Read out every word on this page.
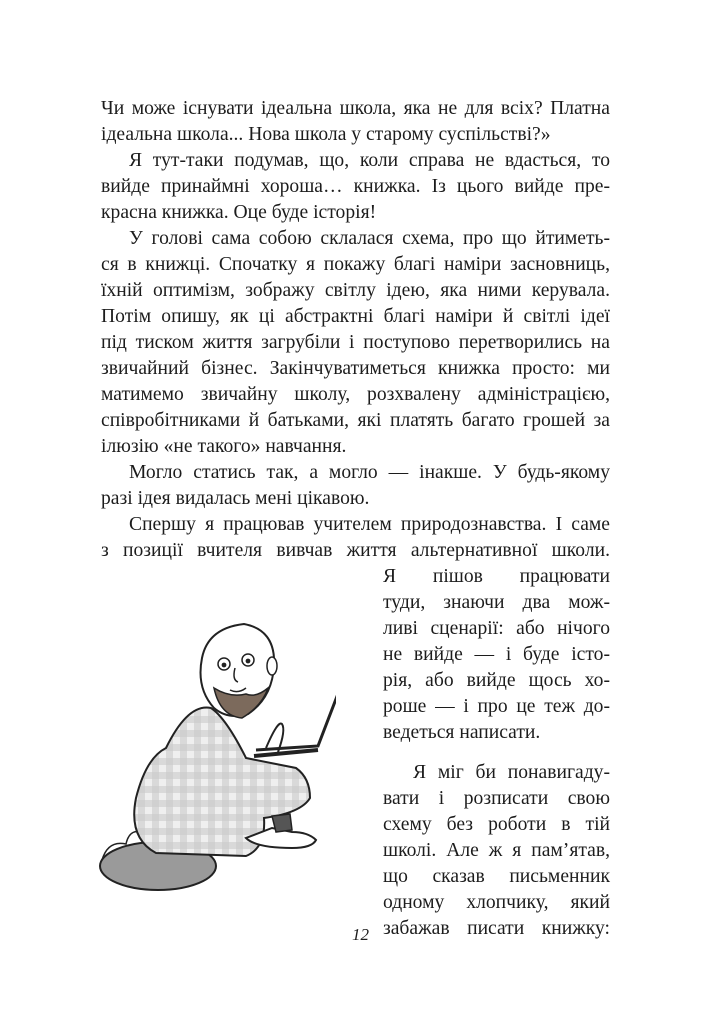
Чи може існувати ідеальна школа, яка не для всіх? Платна
ідеальна школа... Нова школа у старому суспільстві?»
Я тут-таки подумав, що, коли справа не вдасться, то
вийде принаймні хороша… книжка. Із цього вийде пре-
красна книжка. Оце буде історія!
У голові сама собою склалася схема, про що йтиметь-
ся в книжці. Спочатку я покажу благі наміри засновниць,
їхній оптимізм, зображу світлу ідею, яка ними керувала.
Потім опишу, як ці абстрактні благі наміри й світлі ідеї
під тиском життя загрубіли і поступово перетворились на
звичайний бізнес. Закінчуватиметься книжка просто: ми
матимемо звичайну школу, розхвалену адміністрацією,
співробітниками й батьками, які платять багато грошей за
ілюзію «не такого» навчання.
Могло статись так, а могло — інакше. У будь-якому
разі ідея видалась мені цікавою.
Спершу я працював учителем природознавства. І саме
з позиції вчителя вивчав життя альтернативної школи.
Я пішов працювати
туди, знаючи два мож-
ливі сценарії: або нічого
не вийде — і буде істо-
рія, або вийде щось хо-
роше — і про це теж до-
ведеться написати.
Я міг би понавигаду-
вати і розписати свою
схему без роботи в тій
школі. Але ж я пам’ятав,
що сказав письменник
одному хлопчику, який
забажав писати книжку:
12
